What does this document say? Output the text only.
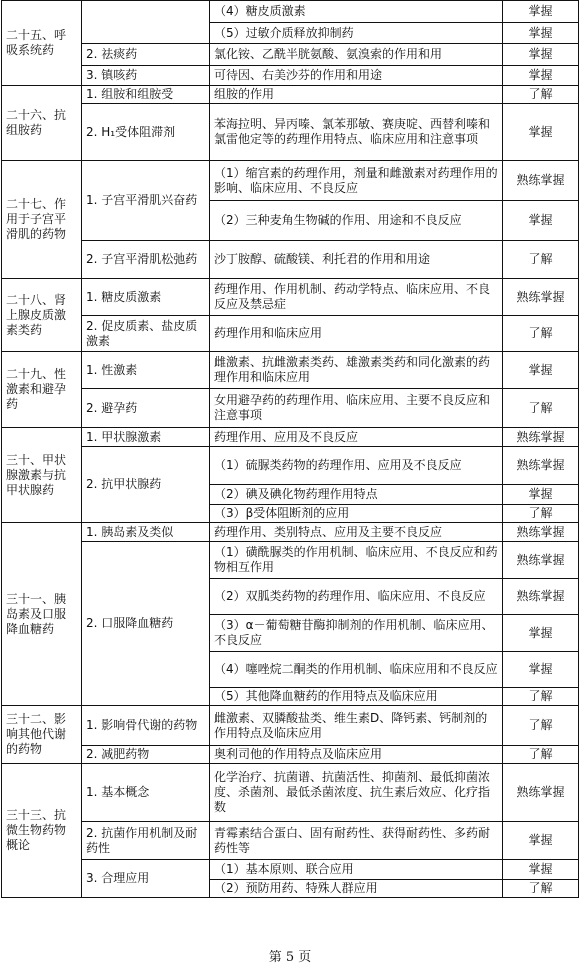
二十五、呼吸系统药		（4）糖皮质激素	掌握
		（5）过敏介质释放抑制药	掌握
	2. 祛痰药	氯化铵、乙酰半胱氨酸、氨溴索的作用和用	掌握
	3. 镇咳药	可待因、右美沙芬的作用和用途	掌握
二十六、抗组胺药	1. 组胺和组胺受	组胺的作用	了解
	2. H₁受体阻滞剂	苯海拉明、异丙嗪、氯苯那敏、赛庚啶、西替利嗪和氯雷他定等的药理作用特点、临床应用和注意事项	掌握
二十七、作用于子宫平滑肌的药物	1. 子宫平滑肌兴奋药	（1）缩宫素的药理作用，剂量和雌激素对药理作用的影响、临床应用、不良反应	熟练掌握
		（2）三种麦角生物碱的作用、用途和不良反应	掌握
	2. 子宫平滑肌松弛药	沙丁胺醇、硫酸镁、利托君的作用和用途	了解
二十八、肾上腺皮质激素类药	1. 糖皮质激素	药理作用、作用机制、药动学特点、临床应用、不良反应及禁忌症	熟练掌握
	2. 促皮质素、盐皮质激素	药理作用和临床应用	了解
二十九、性激素和避孕药	1. 性激素	雌激素、抗雌激素类药、雄激素类药和同化激素的药理作用和临床应用	掌握
	2. 避孕药	女用避孕药的药理作用、临床应用、主要不良反应和注意事项	了解
三十、甲状腺激素与抗甲状腺药	1. 甲状腺激素	药理作用、应用及不良反应	熟练掌握
	2. 抗甲状腺药	（1）硫脲类药物的药理作用、应用及不良反应	熟练掌握
		（2）碘及碘化物药理作用特点	掌握
		（3）β受体阻断剂的应用	了解
三十一、胰岛素及口服降血糖药	1. 胰岛素及类似	药理作用、类别特点、应用及主要不良反应	熟练掌握
	2. 口服降血糖药	（1）磺酰脲类的作用机制、临床应用、不良反应和药物相互作用	熟练掌握
		（2）双胍类药物的药理作用、临床应用、不良反应	熟练掌握
		（3）α－葡萄糖苷酶抑制剂的作用机制、临床应用、不良反应	掌握
		（4）噻唑烷二酮类的作用机制、临床应用和不良反应	掌握
		（5）其他降血糖药的作用特点及临床应用	了解
三十二、影响其他代谢的药物	1. 影响骨代谢的药物	雌激素、双膦酸盐类、维生素D、降钙素、钙制剂的作用特点及临床应用	了解
	2. 减肥药物	奥利司他的作用特点及临床应用	了解
三十三、抗微生物药物概论	1. 基本概念	化学治疗、抗菌谱、抗菌活性、抑菌剂、最低抑菌浓度、杀菌剂、最低杀菌浓度、抗生素后效应、化疗指数	熟练掌握
	2. 抗菌作用机制及耐药性	青霉素结合蛋白、固有耐药性、获得耐药性、多药耐药性等	掌握
	3. 合理应用	（1）基本原则、联合应用	掌握
		（2）预防用药、特殊人群应用	了解
第 5 页
